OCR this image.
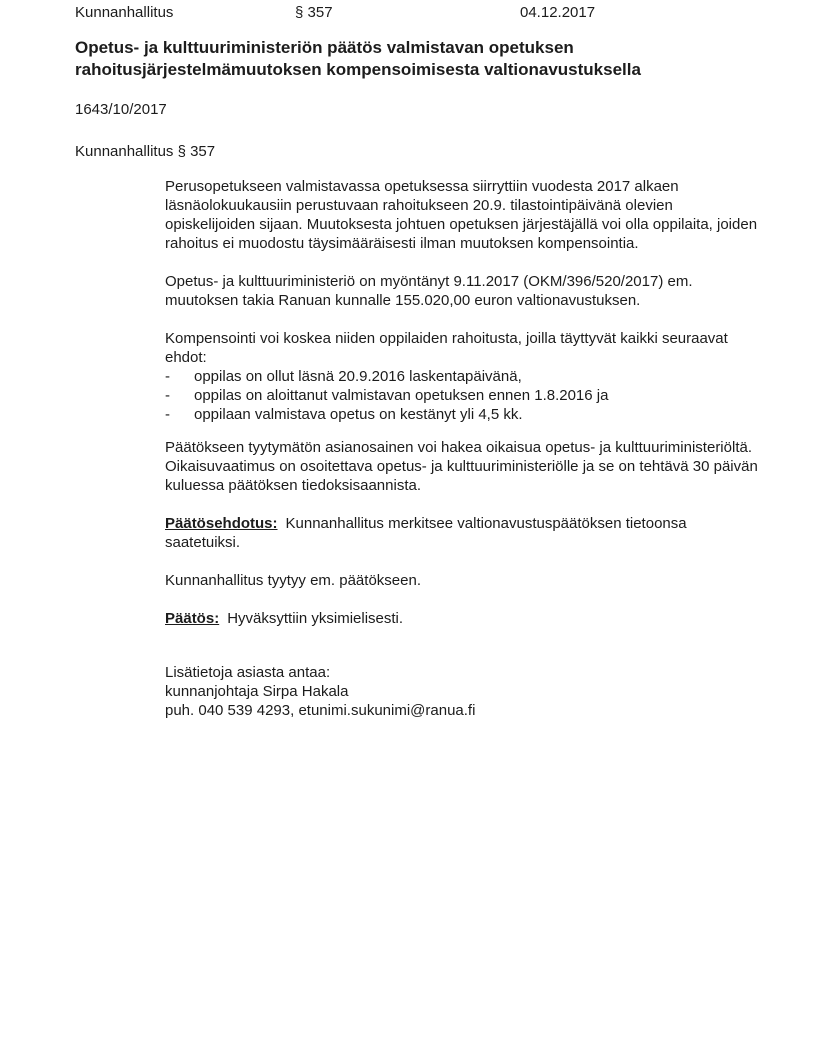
Kunnanhallitus	§ 357	04.12.2017
Opetus- ja kulttuuriministeriön päätös valmistavan opetuksen rahoitusjärjestelmämuutoksen kompensoimisesta valtionavustuksella
1643/10/2017
Kunnanhallitus § 357

Perusopetukseen valmistavassa opetuksessa siirryttiin vuodesta 2017 alkaen läsnäolokuukausiin perustuvaan rahoitukseen 20.9. tilastointipäivänä olevien opiskelijoiden sijaan. Muutoksesta johtuen opetuksen järjestäjällä voi olla oppilaita, joiden rahoitus ei muodostu täysimääräisesti ilman muutoksen kompensointia.

Opetus- ja kulttuuriministeriö on myöntänyt 9.11.2017 (OKM/396/520/2017) em. muutoksen takia Ranuan kunnalle 155.020,00 euron valtionavustuksen.

Kompensointi voi koskea niiden oppilaiden rahoitusta, joilla täyttyvät kaikki seuraavat ehdot:

-	oppilas on ollut läsnä 20.9.2016 laskentapäivänä,
-	oppilas on aloittanut valmistavan opetuksen ennen 1.8.2016 ja
-	oppilaan valmistava opetus on kestänyt yli 4,5 kk.

Päätökseen tyytymätön asianosainen voi hakea oikaisua opetus- ja kulttuuriministeriöltä. Oikaisuvaatimus on osoitettava opetus- ja kulttuuriministeriölle ja se on tehtävä 30 päivän kuluessa päätöksen tiedoksisaannista.

Päätösehdotus: Kunnanhallitus merkitsee valtionavustuspäätöksen tietoonsa saatetuiksi.

Kunnanhallitus tyytyy em. päätökseen.

Päätös: Hyväksyttiin yksimielisesti.

Lisätietoja asiasta antaa:
kunnanjohtaja Sirpa Hakala
puh. 040 539 4293, etunimi.sukunimi@ranua.fi
